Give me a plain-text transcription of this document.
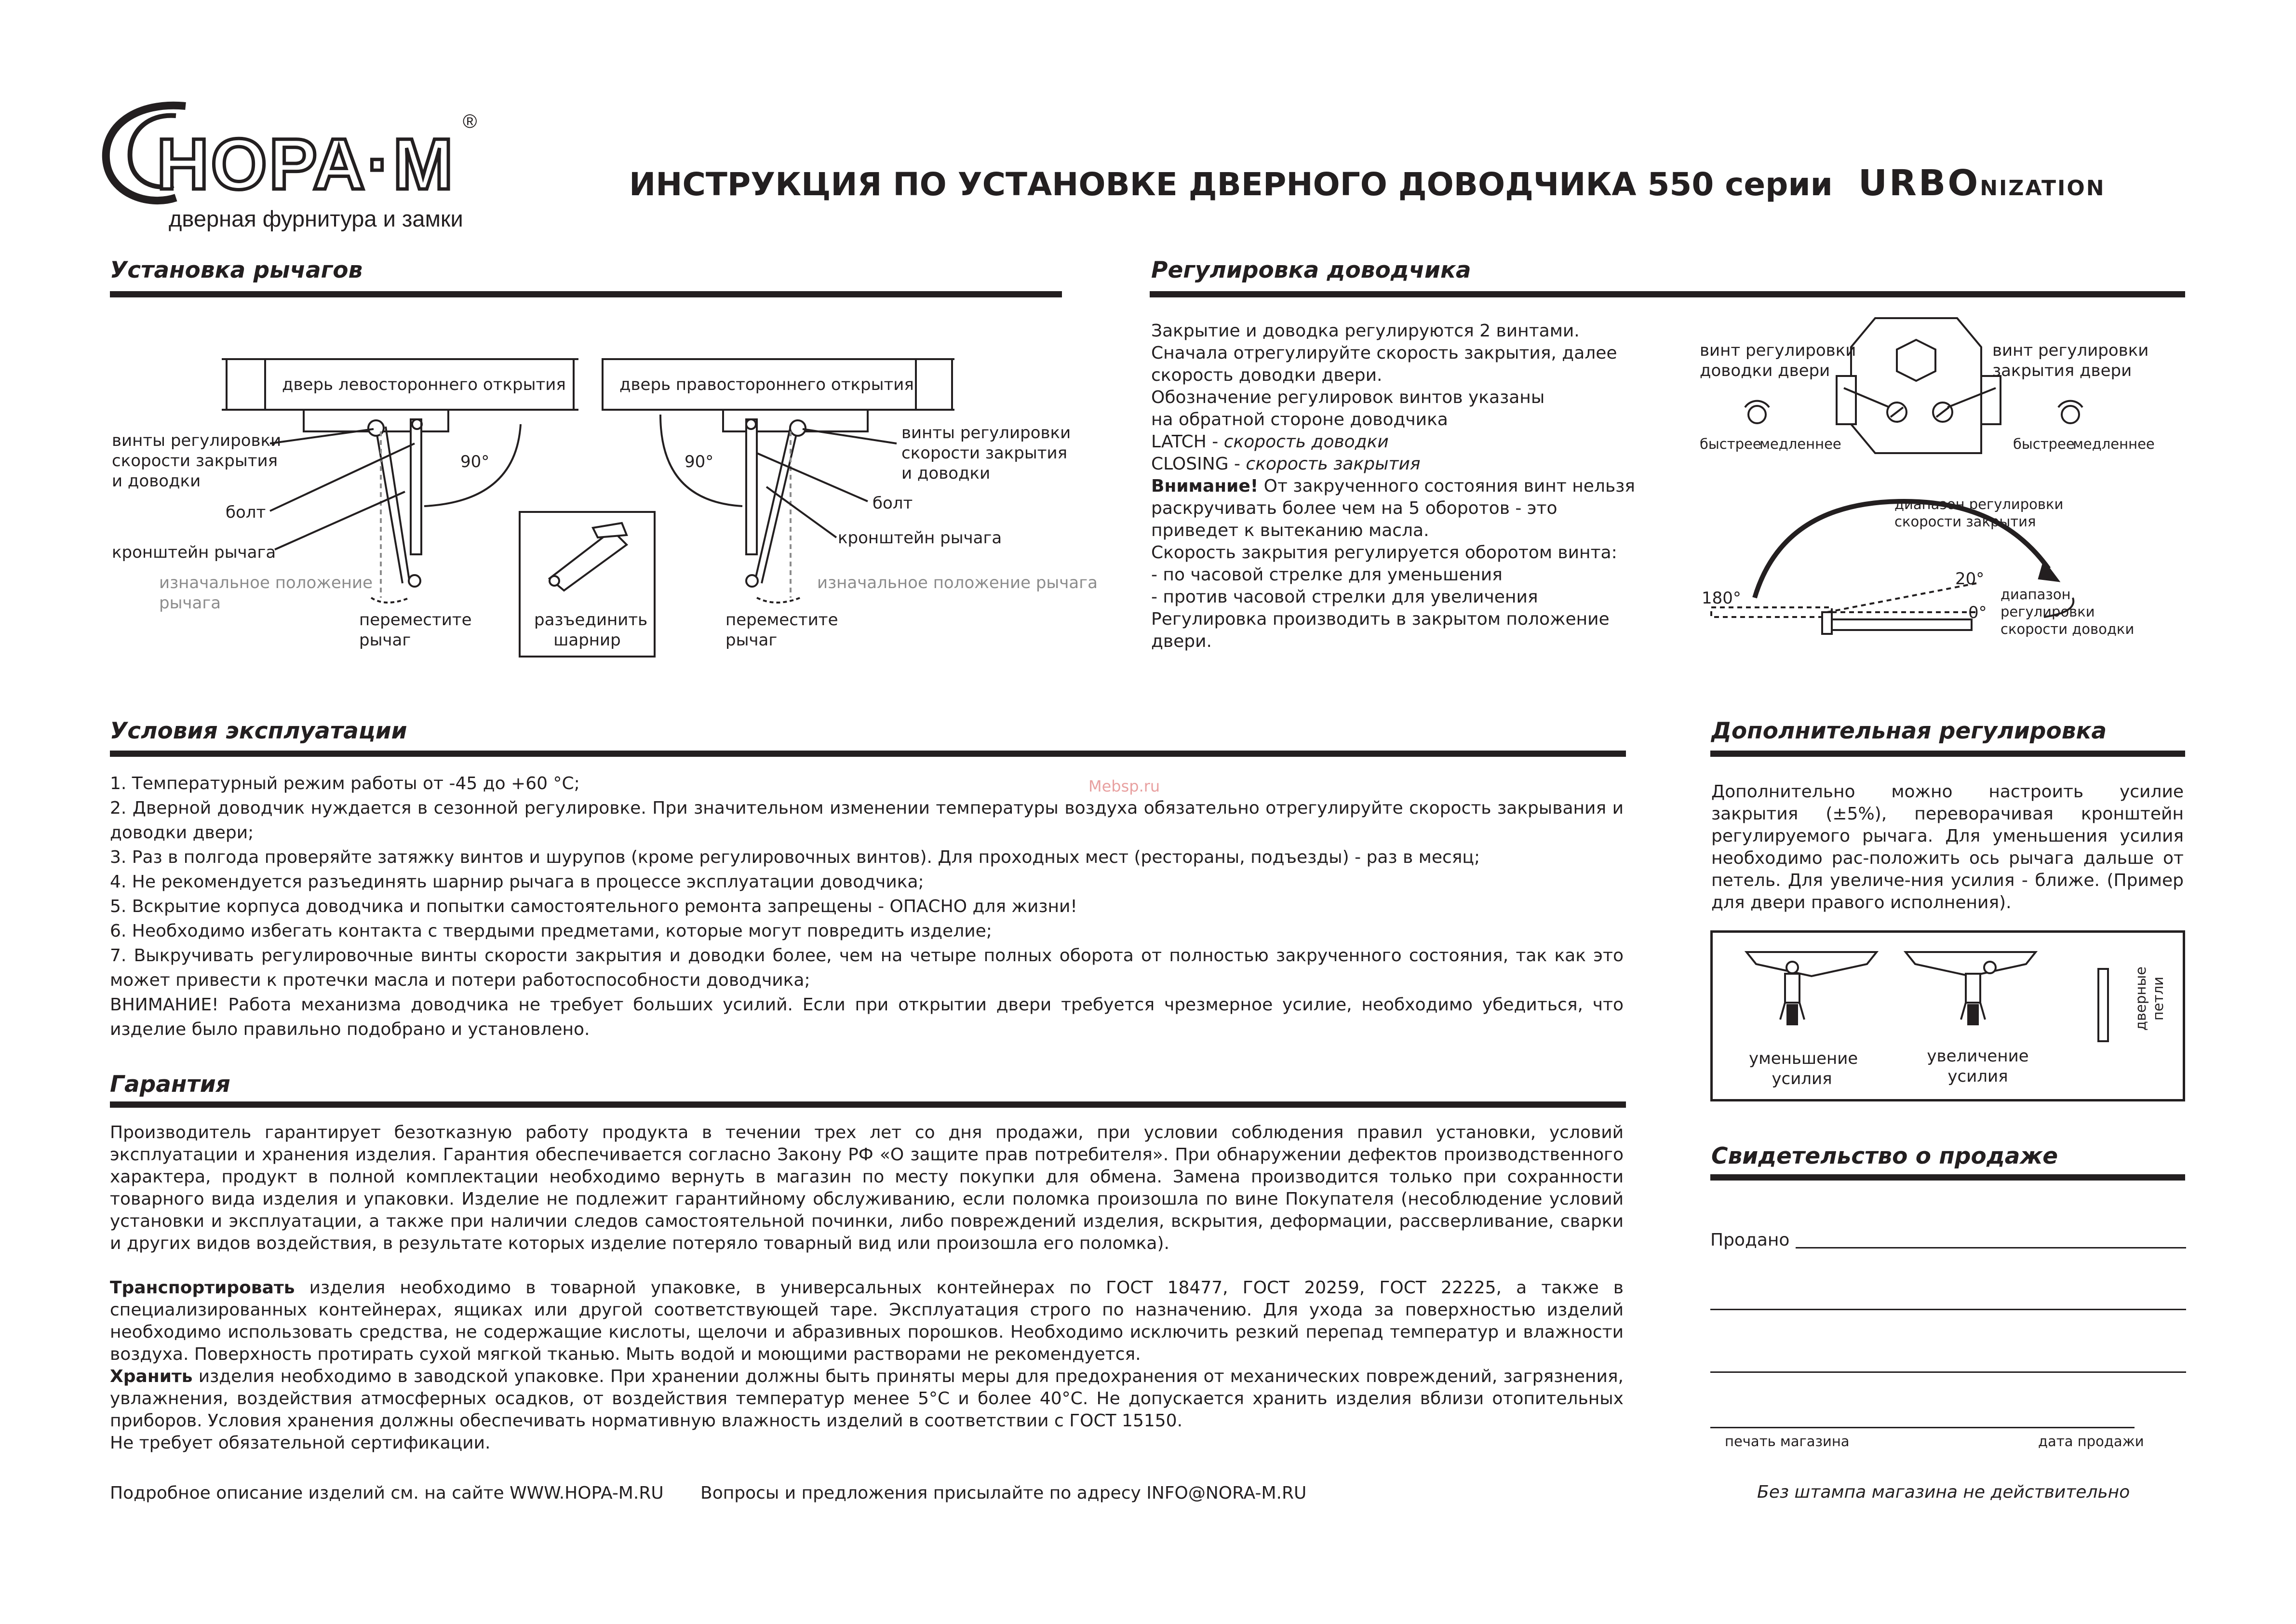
НОРА·М
®
дверная фурнитура и замки
ИНСТРУКЦИЯ ПО УСТАНОВКЕ ДВЕРНОГО ДОВОДЧИКА 550 серии URBONIZATION
Установка рычагов
дверь левостороннего открытия	дверь правостороннего открытия
винты регулировки
скорости закрытия
и доводки
болт
кронштейн рычага
изначальное положение
рычага
переместите
рычаг
90°
разъединить
шарнир
90°
винты регулировки
скорости закрытия
и доводки
болт
кронштейн рычага
изначальное положение рычага
переместите
рычаг
Регулировка доводчика
Закрытие и доводка регулируются 2 винтами.
Сначала отрегулируйте скорость закрытия, далее
скорость доводки двери.
Обозначение регулировок винтов указаны
на обратной стороне доводчика
LATCH - скорость доводки
CLOSING - скорость закрытия
Внимание! От закрученного состояния винт нельзя
раскручивать более чем на 5 оборотов - это
приведет к вытеканию масла.
Скорость закрытия регулируется оборотом винта:
- по часовой стрелке для уменьшения
- против часовой стрелки для увеличения
Регулировка производить в закрытом положение
двери.
винт регулировки
доводки двери
винт регулировки
закрытия двери
быстрее
медленнее	быстрее
медленнее
диапазон регулировки
скорости закрытия
диапазон
регулировки
скорости доводки
180°
20°
0°
Условия эксплуатации

1. Температурный режим работы от -45 до +60 °С;

2. Дверной доводчик нуждается в сезонной регулировке. При значительном изменении температуры воздуха обязательно отрегулируйте скорость закрывания и доводки двери;

3. Раз в полгода проверяйте затяжку винтов и шурупов (кроме регулировочных винтов). Для проходных мест (рестораны, подъезды) - раз в месяц;

4. Не рекомендуется разъединять шарнир рычага в процессе эксплуатации доводчика;

5. Вскрытие корпуса доводчика и попытки самостоятельного ремонта запрещены - ОПАСНО для жизни!

6. Необходимо избегать контакта с твердыми предметами, которые могут повредить изделие;

7. Выкручивать регулировочные винты скорости закрытия и доводки более, чем на четыре полных оборота от полностью закрученного состояния, так как это может привести к протечки масла и потери работоспособности доводчика;

ВНИМАНИЕ! Работа механизма доводчика не требует больших усилий. Если при открытии двери требуется чрезмерное усилие, необходимо убедиться, что изделие было правильно подобрано и установлено.

Mebsp.ru
Дополнительная регулировка
Дополнительно можно настроить усилие закрытия (±5%), переворачивая кронштейн регулируемого рычага. Для уменьшения усилия необходимо рас-положить ось рычага дальше от петель. Для увеличе-ния усилия - ближе. (Пример для двери правого исполнения).
уменьшение
усилия
увеличение
усилия
дверные петли
Гарантия

Производитель гарантирует безотказную работу продукта в течении трех лет со дня продажи, при условии соблюдения правил установки, условий эксплуатации и хранения изделия. Гарантия обеспечивается согласно Закону РФ «О защите прав потребителя». При обнаружении дефектов производственного характера, продукт в полной комплектации необходимо вернуть в магазин по месту покупки для обмена. Замена производится только при сохранности товарного вида изделия и упаковки. Изделие не подлежит гарантийному обслуживанию, если поломка произошла по вине Покупателя (несоблюдение условий установки и эксплуатации, а также при наличии следов самостоятельной починки, либо повреждений изделия, вскрытия, деформации, рассверливание, сварки и других видов воздействия, в результате которых изделие потеряло товарный вид или произошла его поломка).

Транспортировать изделия необходимо в товарной упаковке, в универсальных контейнерах по ГОСТ 18477, ГОСТ 20259, ГОСТ 22225, а также в специализированных контейнерах, ящиках или другой соответствующей таре. Эксплуатация строго по назначению. Для ухода за поверхностью изделий необходимо использовать средства, не содержащие кислоты, щелочи и абразивных порошков. Необходимо исключить резкий перепад температур и влажности воздуха. Поверхность протирать сухой мягкой тканью. Мыть водой и моющими растворами не рекомендуется.

Хранить изделия необходимо в заводской упаковке. При хранении должны быть приняты меры для предохранения от механических повреждений, загрязнения, увлажнения, воздействия атмосферных осадков, от воздействия температур менее 5°С и более 40°С. Не допускается хранить изделия вблизи отопительных приборов. Условия хранения должны обеспечивать нормативную влажность изделий в соответствии с ГОСТ 15150.

Не требует обязательной сертификации.

Свидетельство о продаже
Продано
печать магазина	дата продажи
Без штампа магазина не действительно
Подробное описание изделий см. на сайте WWW.HOPA-M.RU Вопросы и предложения присылайте по адресу INFO@NORA-M.RU
